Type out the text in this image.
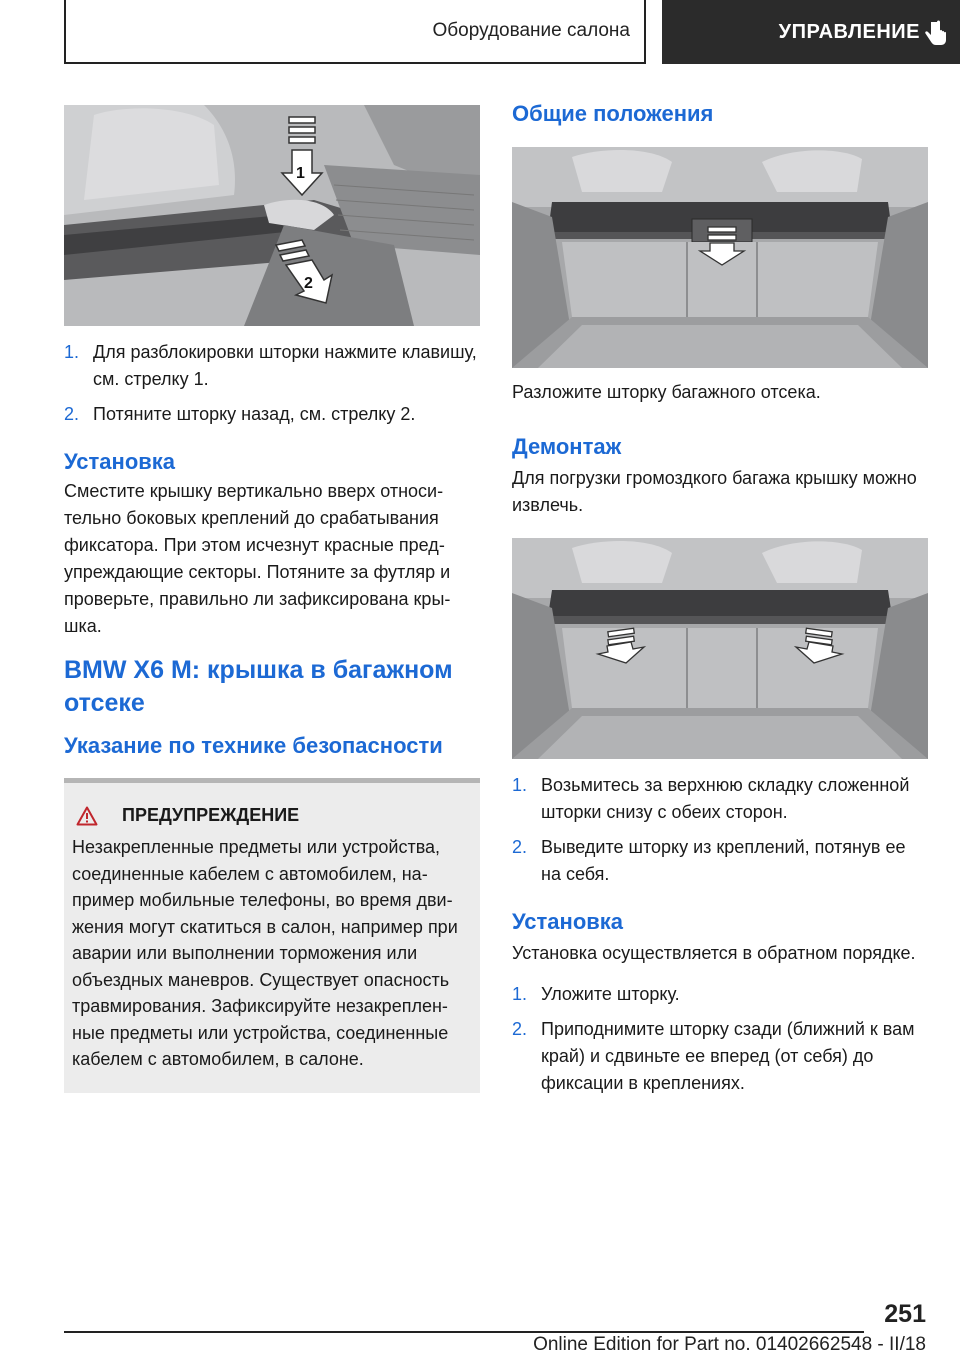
Оборудование салона	УПРАВЛЕНИЕ
1
2
1. Для разблокировки шторки нажмите клавишу, см. стрелку 1.
2. Потяните шторку назад, см. стрелку 2.
Установка

Сместите крышку вертикально вверх относительно боковых креплений до срабатывания фиксатора. При этом исчезнут красные предупреждающие секторы. Потяните за футляр и проверьте, правильно ли зафиксирована крышка.

BMW X6 M: крышка в багажном отсеке
Указание по технике безопасности
ПРЕДУПРЕЖДЕНИЕ
Незакрепленные предметы или устройства, соединенные кабелем с автомобилем, например мобильные телефоны, во время движения могут скатиться в салон, например при аварии или выполнении торможения или объездных маневров. Существует опасность травмирования. Зафиксируйте незакрепленные предметы или устройства, соединенные кабелем с автомобилем, в салоне.
Общие положения

Разложите шторку багажного отсека.

Демонтаж

Для погрузки громоздкого багажа крышку можно извлечь.

1. Возьмитесь за верхнюю складку сложенной шторки снизу с обеих сторон.
2. Выведите шторку из креплений, потянув ее на себя.
Установка

Установка осуществляется в обратном порядке.

1. Уложите шторку.
2. Приподнимите шторку сзади (ближний к вам край) и сдвиньте ее вперед (от себя) до фиксации в креплениях.
251
Online Edition for Part no. 01402662548 - II/18
